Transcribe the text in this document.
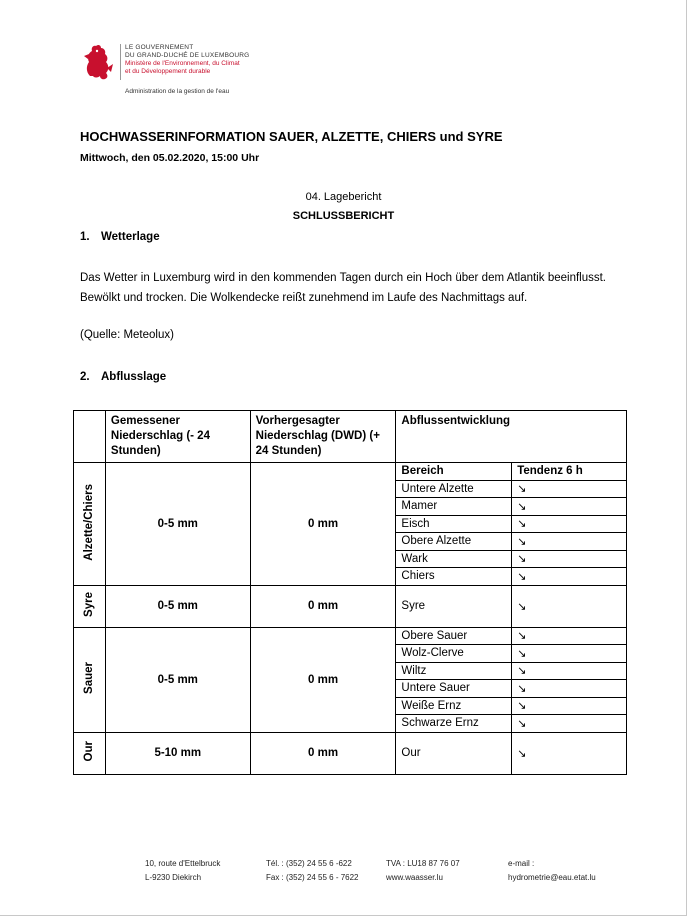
LE GOUVERNEMENT
DU GRAND-DUCHÉ DE LUXEMBOURG
Ministère de l'Environnement, du Climat
et du Développement durable
Administration de la gestion de l'eau
HOCHWASSERINFORMATION SAUER, ALZETTE, CHIERS und SYRE
Mittwoch, den 05.02.2020, 15:00 Uhr
04. Lagebericht
SCHLUSSBERICHT
1. Wetterlage
Das Wetter in Luxemburg wird in den kommenden Tagen durch ein Hoch über dem Atlantik beeinflusst. Bewölkt und trocken. Die Wolkendecke reißt zunehmend im Laufe des Nachmittags auf.
(Quelle: Meteolux)
2. Abflusslage
	Gemessener Niederschlag (- 24 Stunden)	Vorhergesagter Niederschlag (DWD) (+ 24 Stunden)	Abflussentwicklung	
Alzette/Chiers	0-5 mm	0 mm	Bereich	Tendenz 6 h
			Untere Alzette	↘
			Mamer	↘
			Eisch	↘
			Obere Alzette	↘
			Wark	↘
			Chiers	↘
Syre	0-5 mm	0 mm	Syre	↘
Sauer	0-5 mm	0 mm	Obere Sauer	↘
			Wolz-Clerve	↘
			Wiltz	↘
			Untere Sauer	↘
			Weiße Ernz	↘
			Schwarze Ernz	↘
Our	5-10 mm	0 mm	Our	↘
10, route d'Ettelbruck
L-9230 Diekirch
Tél. : (352) 24 55 6 -622
Fax : (352) 24 55 6 - 7622
TVA : LU18 87 76 07
www.waasser.lu
e-mail :
hydrometrie@eau.etat.lu
